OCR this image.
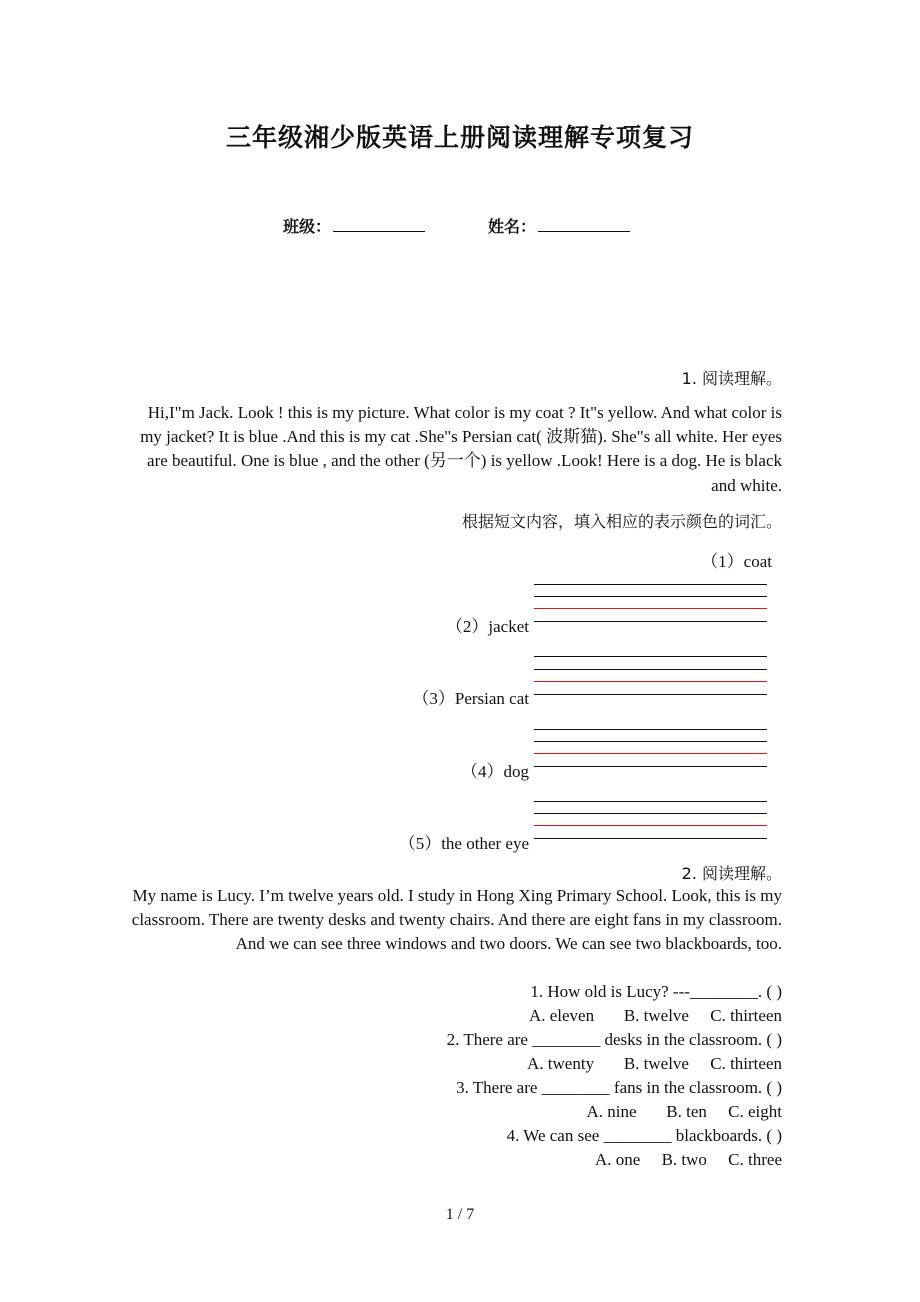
三年级湘少版英语上册阅读理解专项复习
班级：	姓名：
1. 阅读理解。
Hi,I"m Jack. Look ! this is my picture. What color is my coat ? It"s yellow. And what color is my jacket? It is blue .And this is my cat .She"s Persian cat( 波斯猫). She"s all white. Her eyes are beautiful. One is blue , and the other (另一个) is yellow .Look! Here is a dog. He is black and white.
根据短文内容，填入相应的表示颜色的词汇。
（1）coat
（2）jacket
（3）Persian cat
（4）dog
（5）the other eye
2. 阅读理解。
My name is Lucy. I’m twelve years old. I study in Hong Xing Primary School. Look, this is my classroom. There are twenty desks and twenty chairs. And there are eight fans in my classroom. And we can see three windows and two doors. We can see two blackboards, too.
1. How old is Lucy? ---________. ( )
A. eleven       B. twelve     C. thirteen
2. There are ________ desks in the classroom. ( )
A. twenty       B. twelve     C. thirteen
3. There are ________ fans in the classroom. ( )
A. nine       B. ten     C. eight
4. We can see ________ blackboards. ( )
A. one     B. two     C. three
1 / 7
